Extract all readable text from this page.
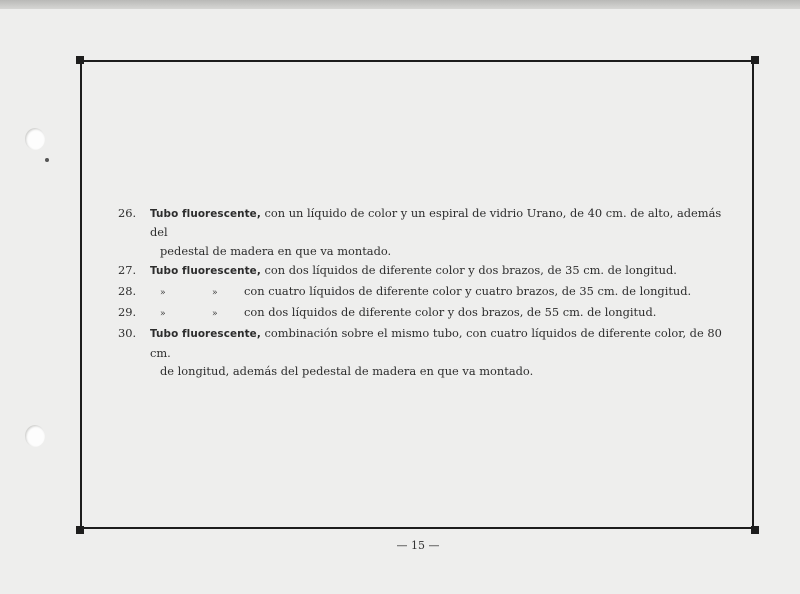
26. Tubo fluorescente, con un líquido de color y un espiral de vidrio Urano, de 40 cm. de alto, además del
pedestal de madera en que va montado.
27. Tubo fluorescente, con dos líquidos de diferente color y dos brazos, de 35 cm. de longitud.
28.	»	» con cuatro líquidos de diferente color y cuatro brazos, de 35 cm. de longitud.
29.	»	» con dos líquidos de diferente color y dos brazos, de 55 cm. de longitud.
30. Tubo fluorescente, combinación sobre el mismo tubo, con cuatro líquidos de diferente color, de 80 cm.
de longitud, además del pedestal de madera en que va montado.
— 15 —
